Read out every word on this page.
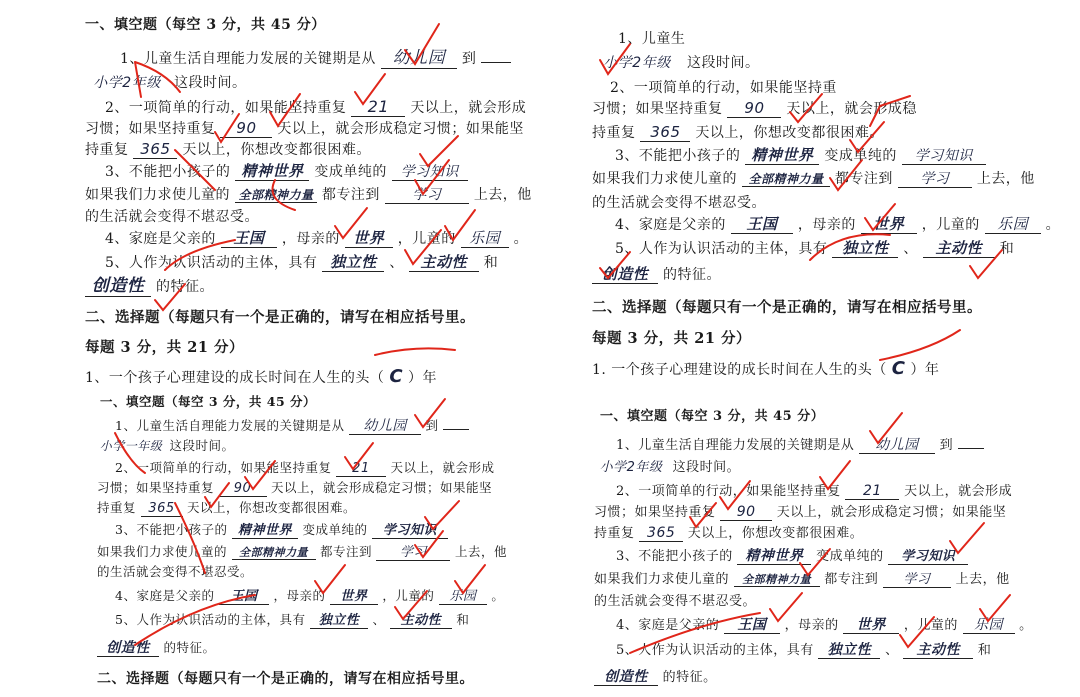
一、填空题（每空 3 分，共 45 分）
1、儿童生活自理能力发展的关键期是从 幼儿园 到
小学2年级 这段时间。
2、一项简单的行动，如果能坚持重复 21 天以上，就会形成
习惯；如果坚持重复 90 天以上，就会形成稳定习惯；如果能坚
持重复 365 天以上，你想改变都很困难。
3、不能把小孩子的 精神世界 变成单纯的 学习知识
如果我们力求使儿童的 全部精神力量 都专注到 学习 上去，他
的生活就会变得不堪忍受。
4、家庭是父亲的 王国 ，母亲的 世界 ，儿童的 乐园 。
5、人作为认识活动的主体，具有 独立性 、 主动性 和
创造性 的特征。
二、选择题（每题只有一个是正确的，请写在相应括号里。
每题 3 分，共 21 分）
1、一个孩子心理建设的成长时间在人生的头（ C ）年
1、儿童生
小学2年级 这段时间。
2、一项简单的行动，如果能坚持重
习惯；如果坚持重复 90 天以上，就会形成稳
持重复 365 天以上，你想改变都很困难。
3、不能把小孩子的 精神世界 变成单纯的 学习知识
如果我们力求使儿童的 全部精神力量 都专注到 学习 上去，他
的生活就会变得不堪忍受。
4、家庭是父亲的 王国 ，母亲的 世界 ，儿童的 乐园 。
5、人作为认识活动的主体，具有 独立性 、 主动性 和
创造性 的特征。
二、选择题（每题只有一个是正确的，请写在相应括号里。
每题 3 分，共 21 分）
1. 一个孩子心理建设的成长时间在人生的头（ C ）年
一、填空题（每空 3 分，共 45 分）
1、儿童生活自理能力发展的关键期是从 幼儿园 到
小学一年级 这段时间。
2、一项简单的行动，如果能坚持重复 21 天以上，就会形成
习惯；如果坚持重复 90 天以上，就会形成稳定习惯；如果能坚
持重复 365 天以上，你想改变都很困难。
3、不能把小孩子的 精神世界 变成单纯的 学习知识
如果我们力求使儿童的 全部精神力量 都专注到 学习 上去，他
的生活就会变得不堪忍受。
4、家庭是父亲的 王国 ，母亲的 世界 ，儿童的 乐园 。
5、人作为认识活动的主体，具有 独立性 、 主动性 和
创造性 的特征。
二、选择题（每题只有一个是正确的，请写在相应括号里。
一、填空题（每空 3 分，共 45 分）
1、儿童生活自理能力发展的关键期是从 幼儿园 到
小学2年级 这段时间。
2、一项简单的行动，如果能坚持重复 21 天以上，就会形成
习惯；如果坚持重复 90 天以上，就会形成稳定习惯；如果能坚
持重复 365 天以上，你想改变都很困难。
3、不能把小孩子的 精神世界 变成单纯的 学习知识
如果我们力求使儿童的 全部精神力量 都专注到 学习 上去，他
的生活就会变得不堪忍受。
4、家庭是父亲的 王国 ，母亲的 世界 ，儿童的 乐园 。
5、人作为认识活动的主体，具有 独立性 、 主动性 和
创造性 的特征。
